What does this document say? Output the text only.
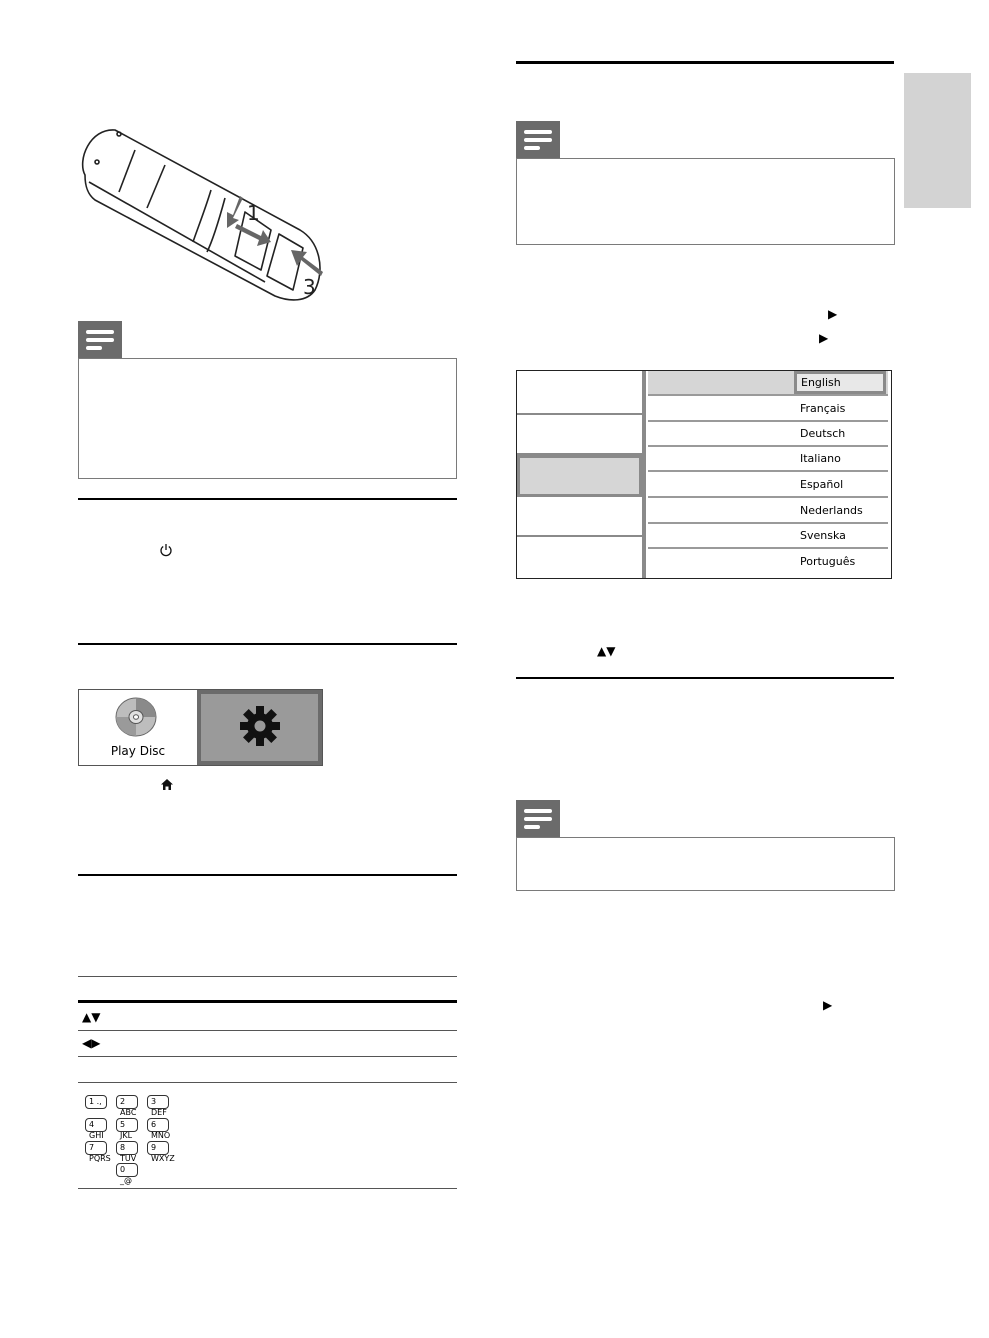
1
3
Play Disc
▲▼
◀▶
1 .,	2 ABC
3 DEF
4 GHI
5 JKL
6 MNO
7 PQRS
8 TUV
9 WXYZ
0 _@
▶
▶
English
Français
Deutsch
Italiano
Español
Nederlands
Svenska
Português
▲▼
▶
